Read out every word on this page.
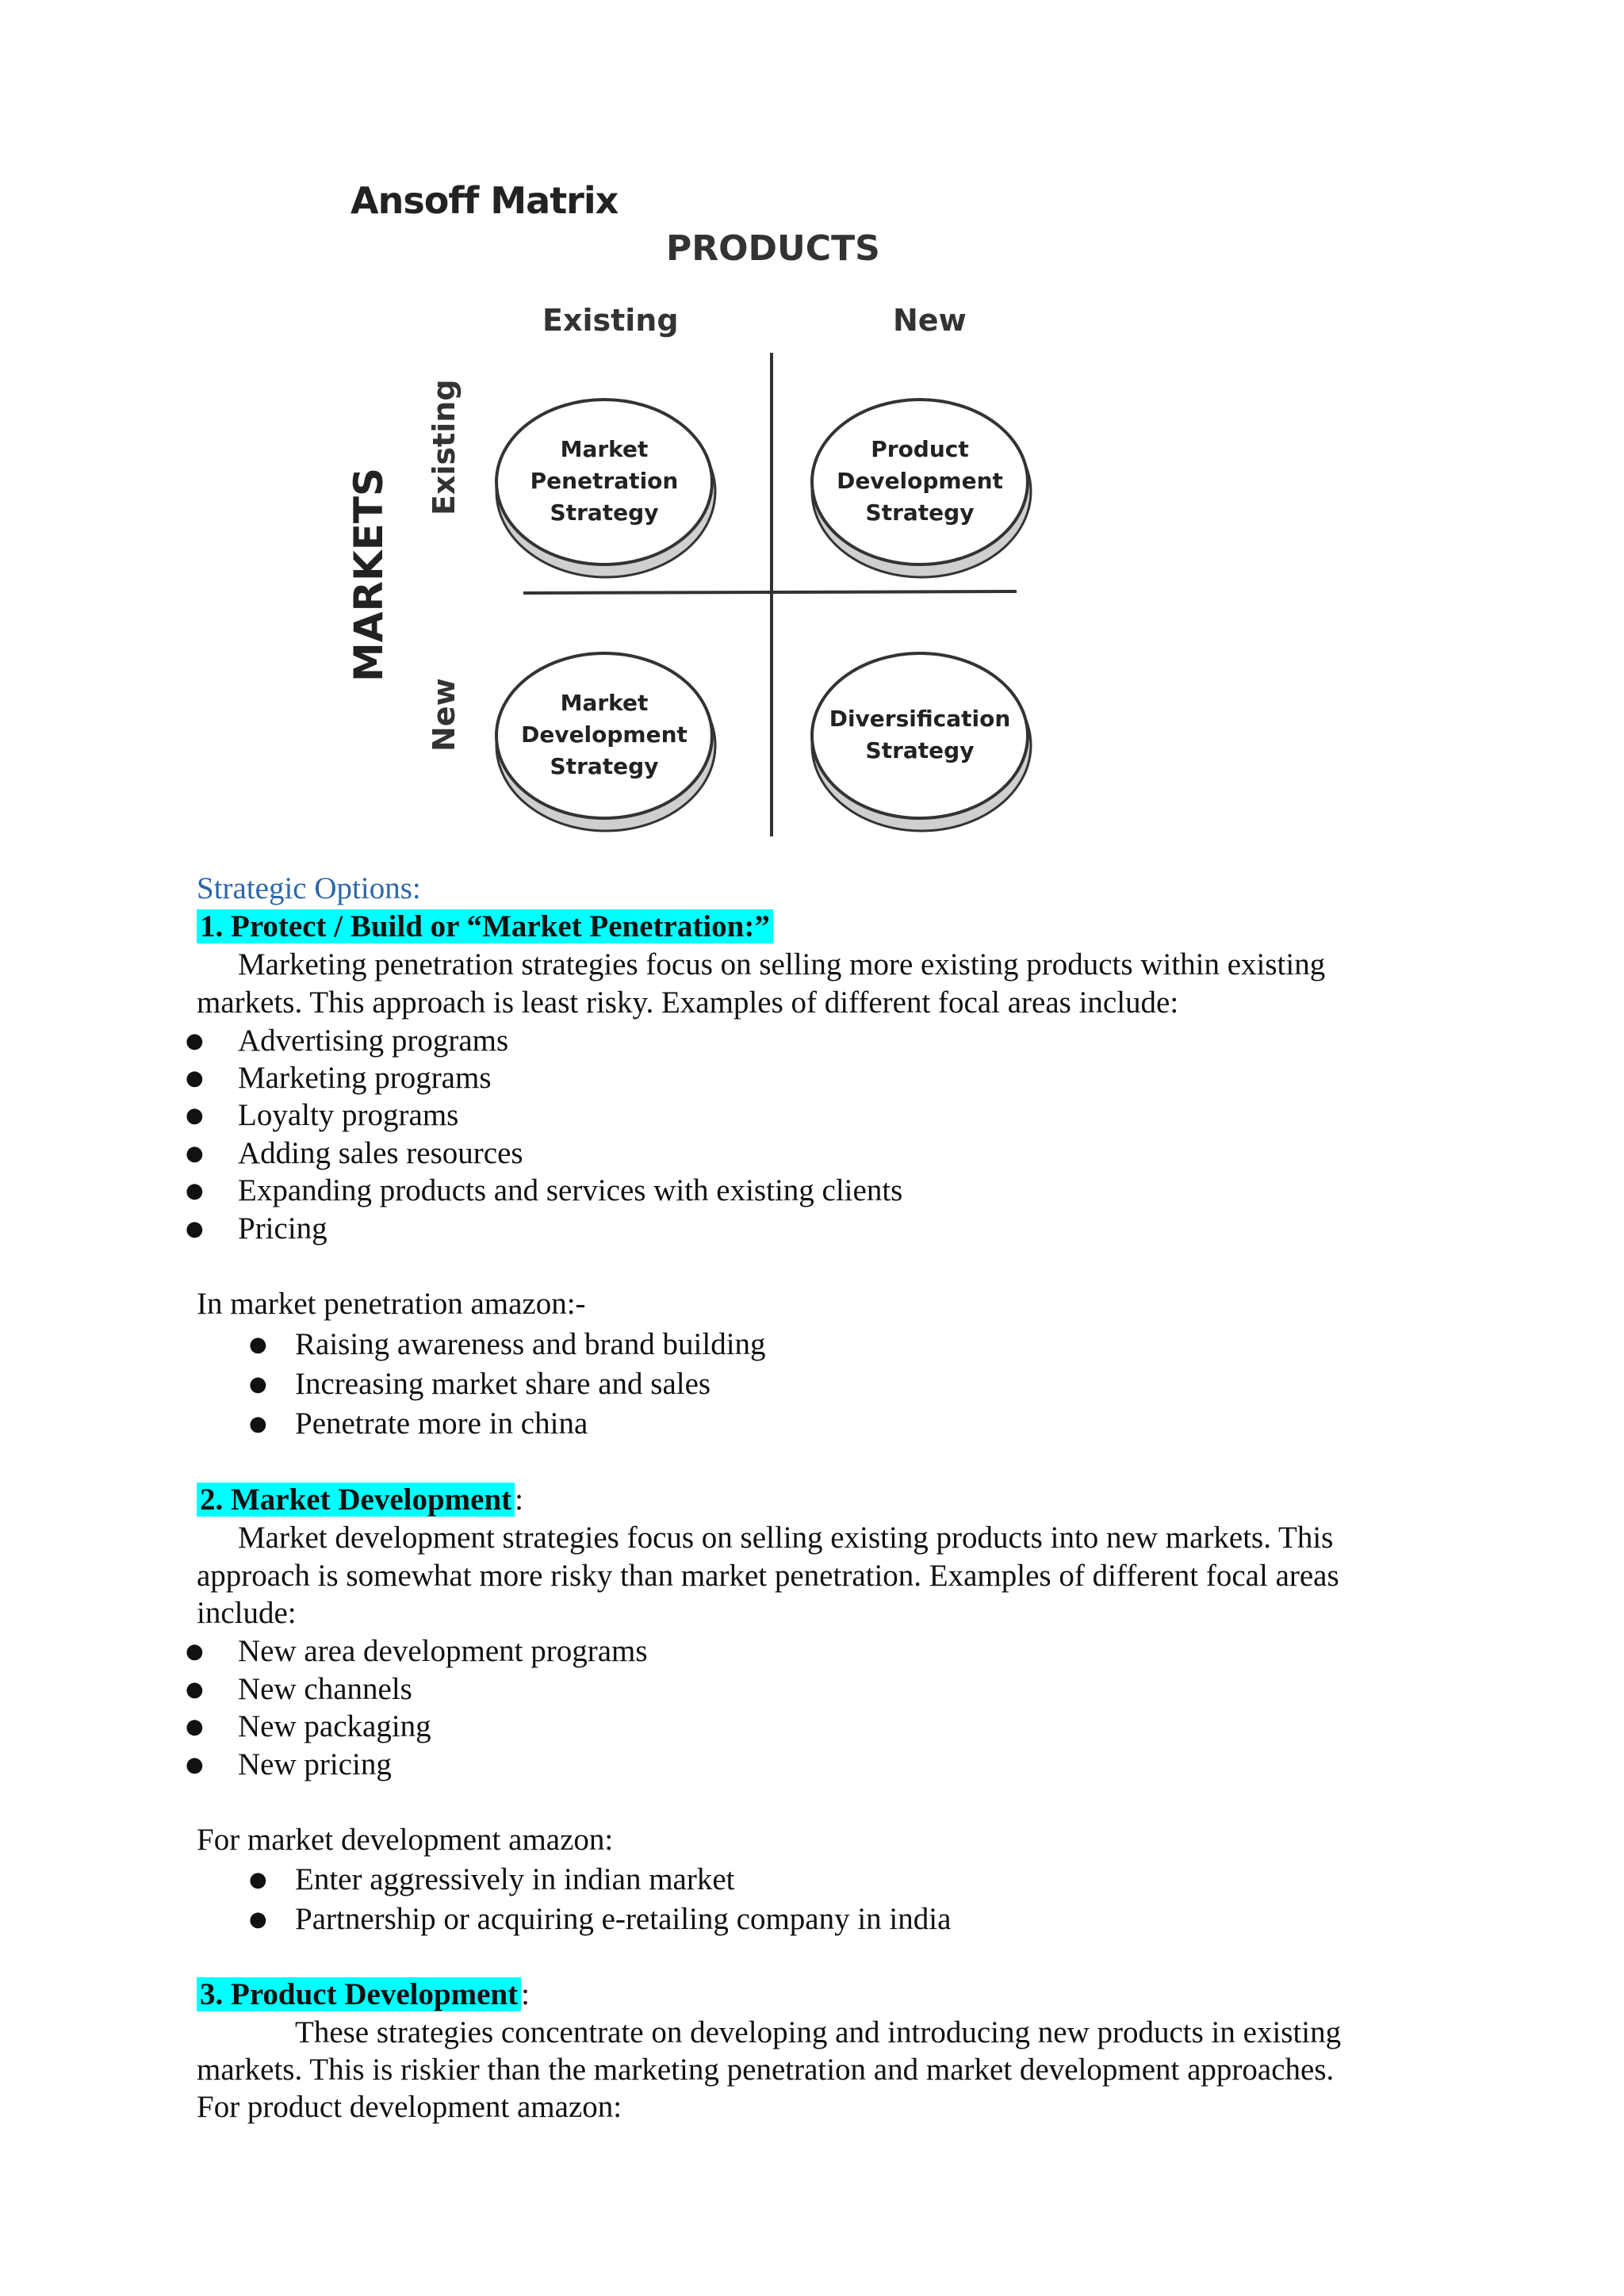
Ansoff Matrix
PRODUCTS
Existing	New
MARKETS
Existing
New
Market
Penetration
Strategy
Product
Development
Strategy
Market
Development
Strategy
Diversification
Strategy
Strategic Options:
1. Protect / Build or “Market Penetration:”
Marketing penetration strategies focus on selling more existing products within existing
markets. This approach is least risky. Examples of different focal areas include:
● Advertising programs
● Marketing programs
● Loyalty programs
● Adding sales resources
● Expanding products and services with existing clients
● Pricing
In market penetration amazon:-
● Raising awareness and brand building
● Increasing market share and sales
● Penetrate more in china
2. Market Development :
Market development strategies focus on selling existing products into new markets. This
approach is somewhat more risky than market penetration. Examples of different focal areas
include:
● New area development programs
● New channels
● New packaging
● New pricing
For market development amazon:
● Enter aggressively in indian market
● Partnership or acquiring e-retailing company in india
3. Product Development :
These strategies concentrate on developing and introducing new products in existing
markets. This is riskier than the marketing penetration and market development approaches.
For product development amazon:
